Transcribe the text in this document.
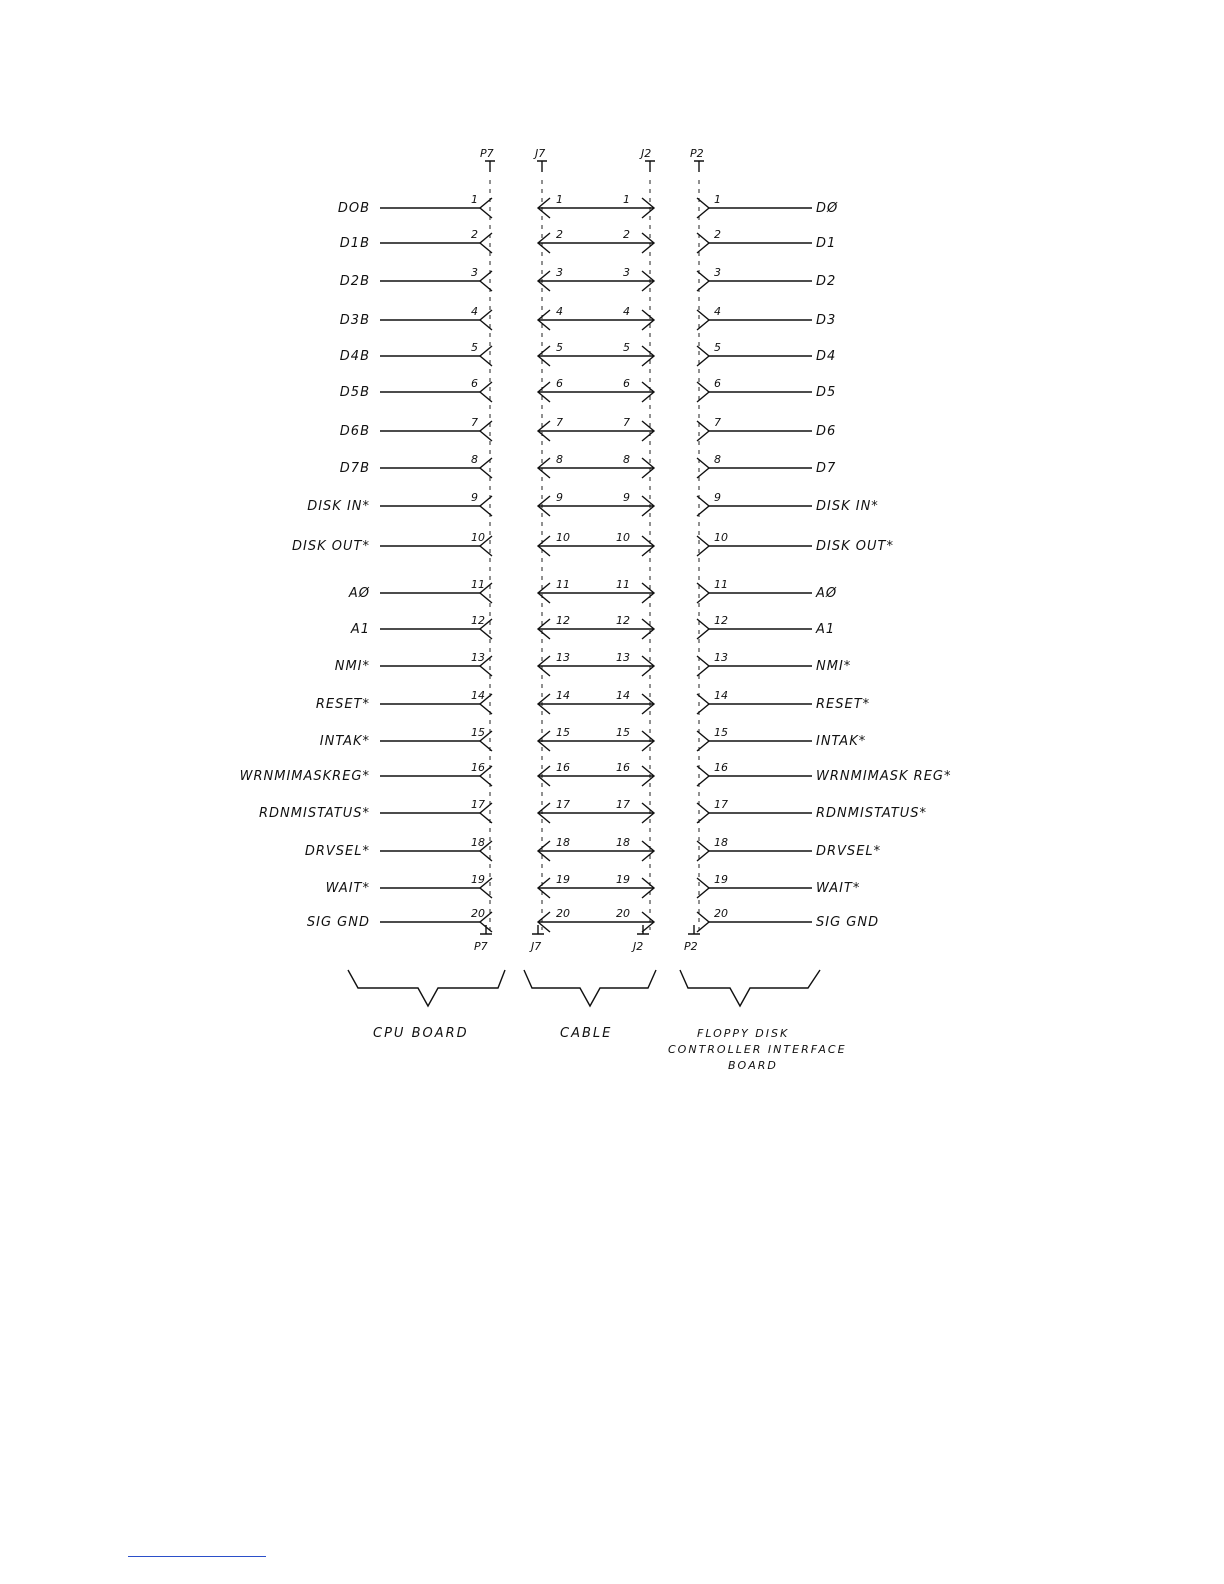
P7	J7	J2	P2
DOB
1	1	1	1
DØ
D1B
2	2	2	2
D1
D2B
3	3	3	3
D2
D3B
4	4	4	4
D3
D4B
5	5	5	5
D4
D5B
6	6	6	6
D5
D6B
7	7	7	7
D6
D7B
8	8	8	8
D7
DISK IN*
9	9	9	9
DISK IN*
DISK OUT*
10	10	10	10
DISK OUT*
AØ
11	11	11	11
AØ
A1
12	12	12	12
A1
NMI*
13	13	13	13
NMI*
RESET*
14	14	14	14
RESET*
INTAK*
15	15	15	15
INTAK*
WRNMIMASKREG*
16	16	16	16
WRNMIMASK REG*
RDNMISTATUS*
17	17	17	17
RDNMISTATUS*
DRVSEL*
18	18	18	18
DRVSEL*
WAIT*
19	19	19	19
WAIT*
SIG GND
20	20	20	20
SIG GND
P7	J7	J2	P2
CPU BOARD	CABLE	FLOPPY DISK
CONTROLLER INTERFACE
BOARD
